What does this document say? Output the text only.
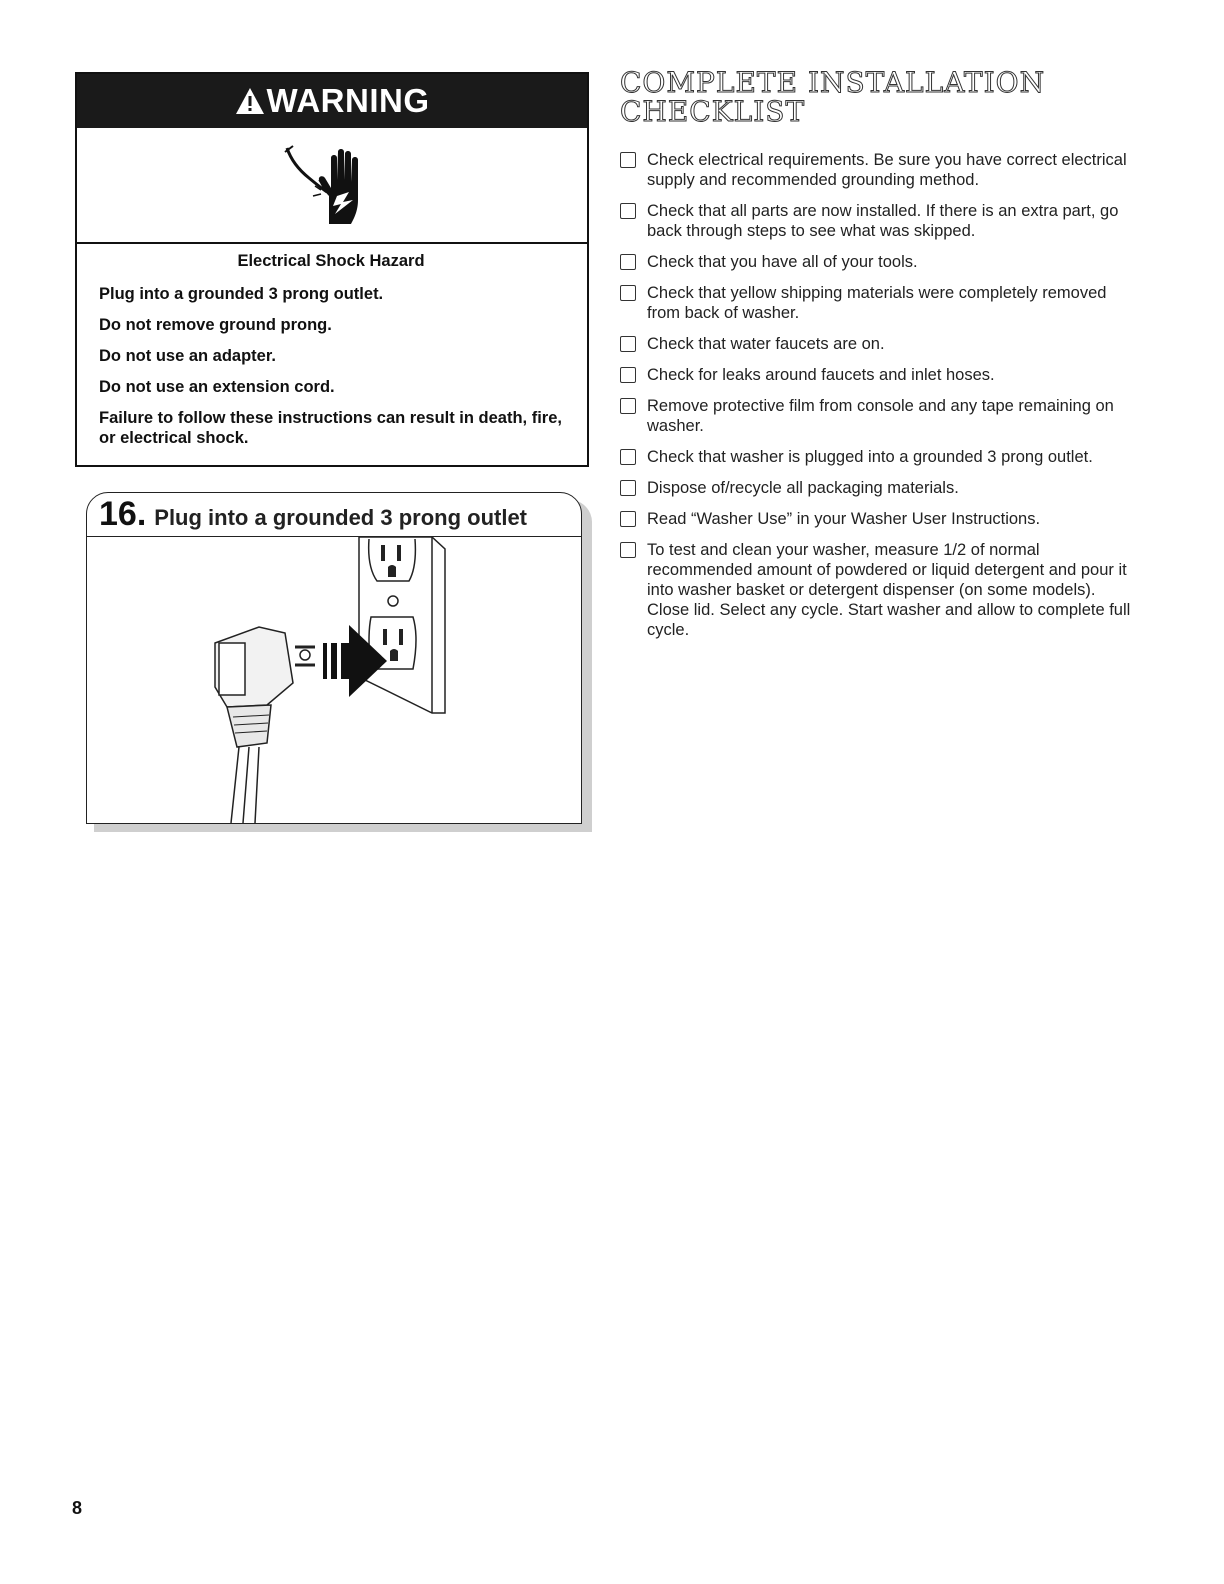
WARNING
Electrical Shock Hazard
Plug into a grounded 3 prong outlet.
Do not remove ground prong.
Do not use an adapter.
Do not use an extension cord.
Failure to follow these instructions can result in death, fire, or electrical shock.
16. Plug into a grounded 3 prong outlet
COMPLETE INSTALLATION CHECKLIST
Check electrical requirements. Be sure you have correct electrical supply and recommended grounding method.
Check that all parts are now installed. If there is an extra part, go back through steps to see what was skipped.
Check that you have all of your tools.
Check that yellow shipping materials were completely removed from back of washer.
Check that water faucets are on.
Check for leaks around faucets and inlet hoses.
Remove protective film from console and any tape remaining on washer.
Check that washer is plugged into a grounded 3 prong outlet.
Dispose of/recycle all packaging materials.
Read “Washer Use” in your Washer User Instructions.
To test and clean your washer, measure 1/2 of normal recommended amount of powdered or liquid detergent and pour it into washer basket or detergent dispenser (on some models). Close lid. Select any cycle. Start washer and allow to complete full cycle.
8
